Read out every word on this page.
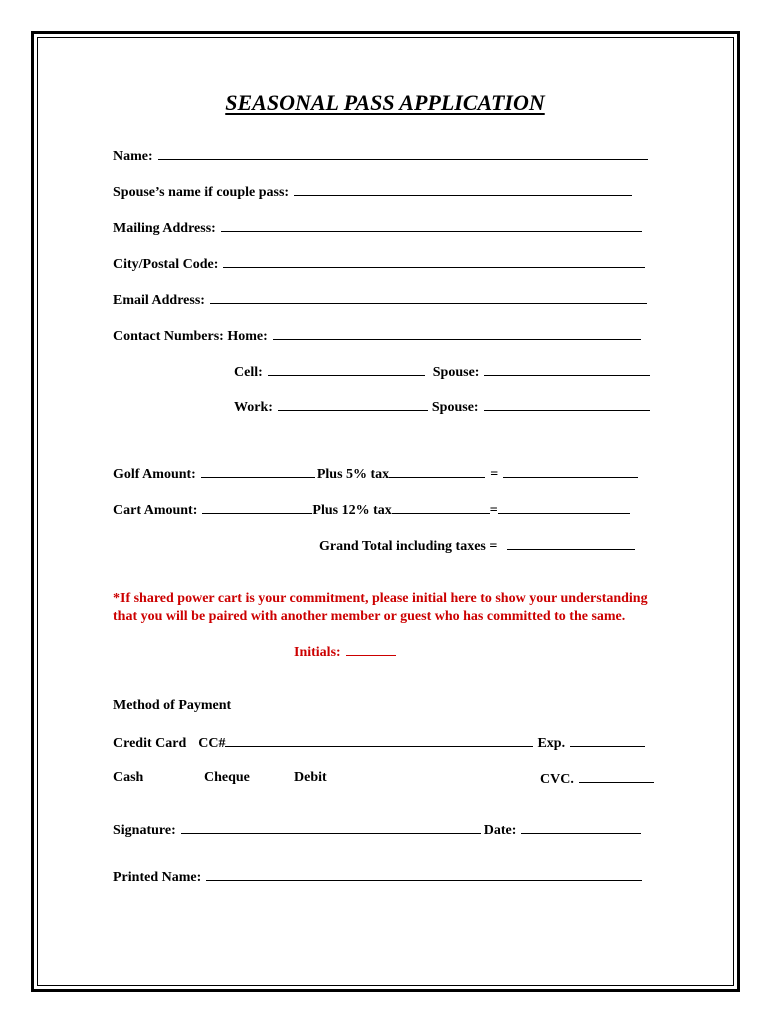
SEASONAL PASS APPLICATION
Name:
Spouse’s name if couple pass:
Mailing Address:
City/Postal Code:
Email Address:
Contact Numbers: Home:
Cell:	Spouse:
Work:	Spouse:
Golf Amount:	Plus 5% tax	=
Cart Amount:	Plus 12% tax	=
Grand Total including taxes =
*If shared power cart is your commitment, please initial here to show your understanding that you will be paired with another member or guest who has committed to the same.
Initials:
Method of Payment
Credit Card CC#	Exp.
Cash	Cheque	Debit	CVC.
Signature:	Date:
Printed Name:
